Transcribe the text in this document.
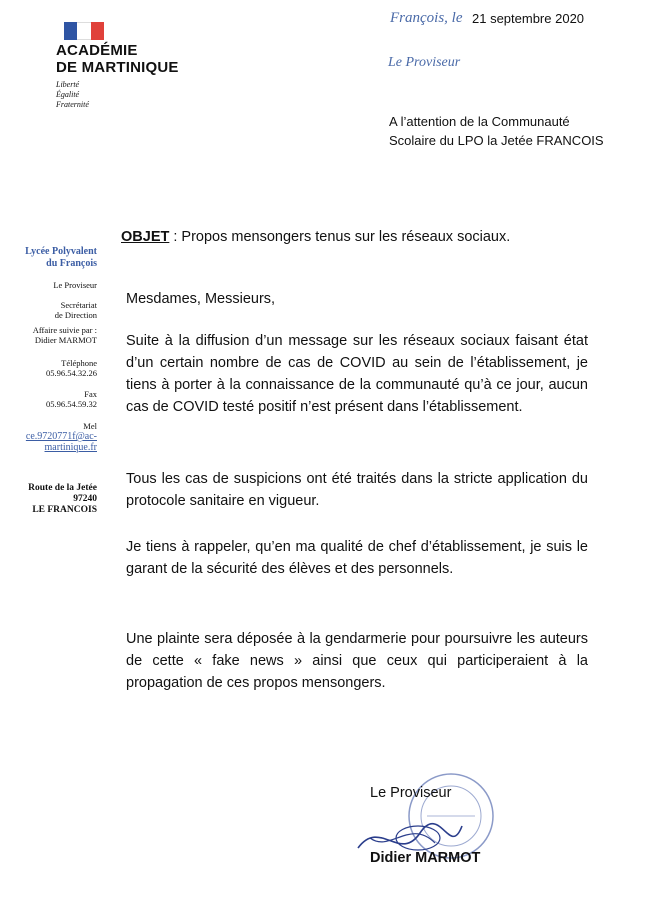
ACADÉMIE
DE MARTINIQUE
Liberté
Égalité
Fraternité
François, le 21 septembre 2020
Le Proviseur
A l’attention de la Communauté
Scolaire du LPO la Jetée FRANCOIS
Lycée Polyvalent
du François
Le Proviseur
Secrétariat
de Direction
Affaire suivie par :
Didier MARMOT
Téléphone
05.96.54.32.26
Fax
05.96.54.59.32
Mel
ce.9720771f@ac-
martinique.fr
Route de la Jetée
97240
LE FRANCOIS
OBJET : Propos mensongers tenus sur les réseaux sociaux.
Mesdames, Messieurs,
Suite à la diffusion d’un message sur les réseaux sociaux faisant état d’un certain nombre de cas de COVID au sein de l’établissement, je tiens à porter à la connaissance de la communauté qu’à ce jour, aucun cas de COVID testé positif n’est présent dans l’établissement.
Tous les cas de suspicions ont été traités dans la stricte application du protocole sanitaire en vigueur.
Je tiens à rappeler, qu’en ma qualité de chef d’établissement, je suis le garant de la sécurité des élèves et des personnels.
Une plainte sera déposée à la gendarmerie pour poursuivre les auteurs de cette « fake news » ainsi que ceux qui participeraient à la propagation de ces propos mensongers.
Le Proviseur
Didier MARMOT
